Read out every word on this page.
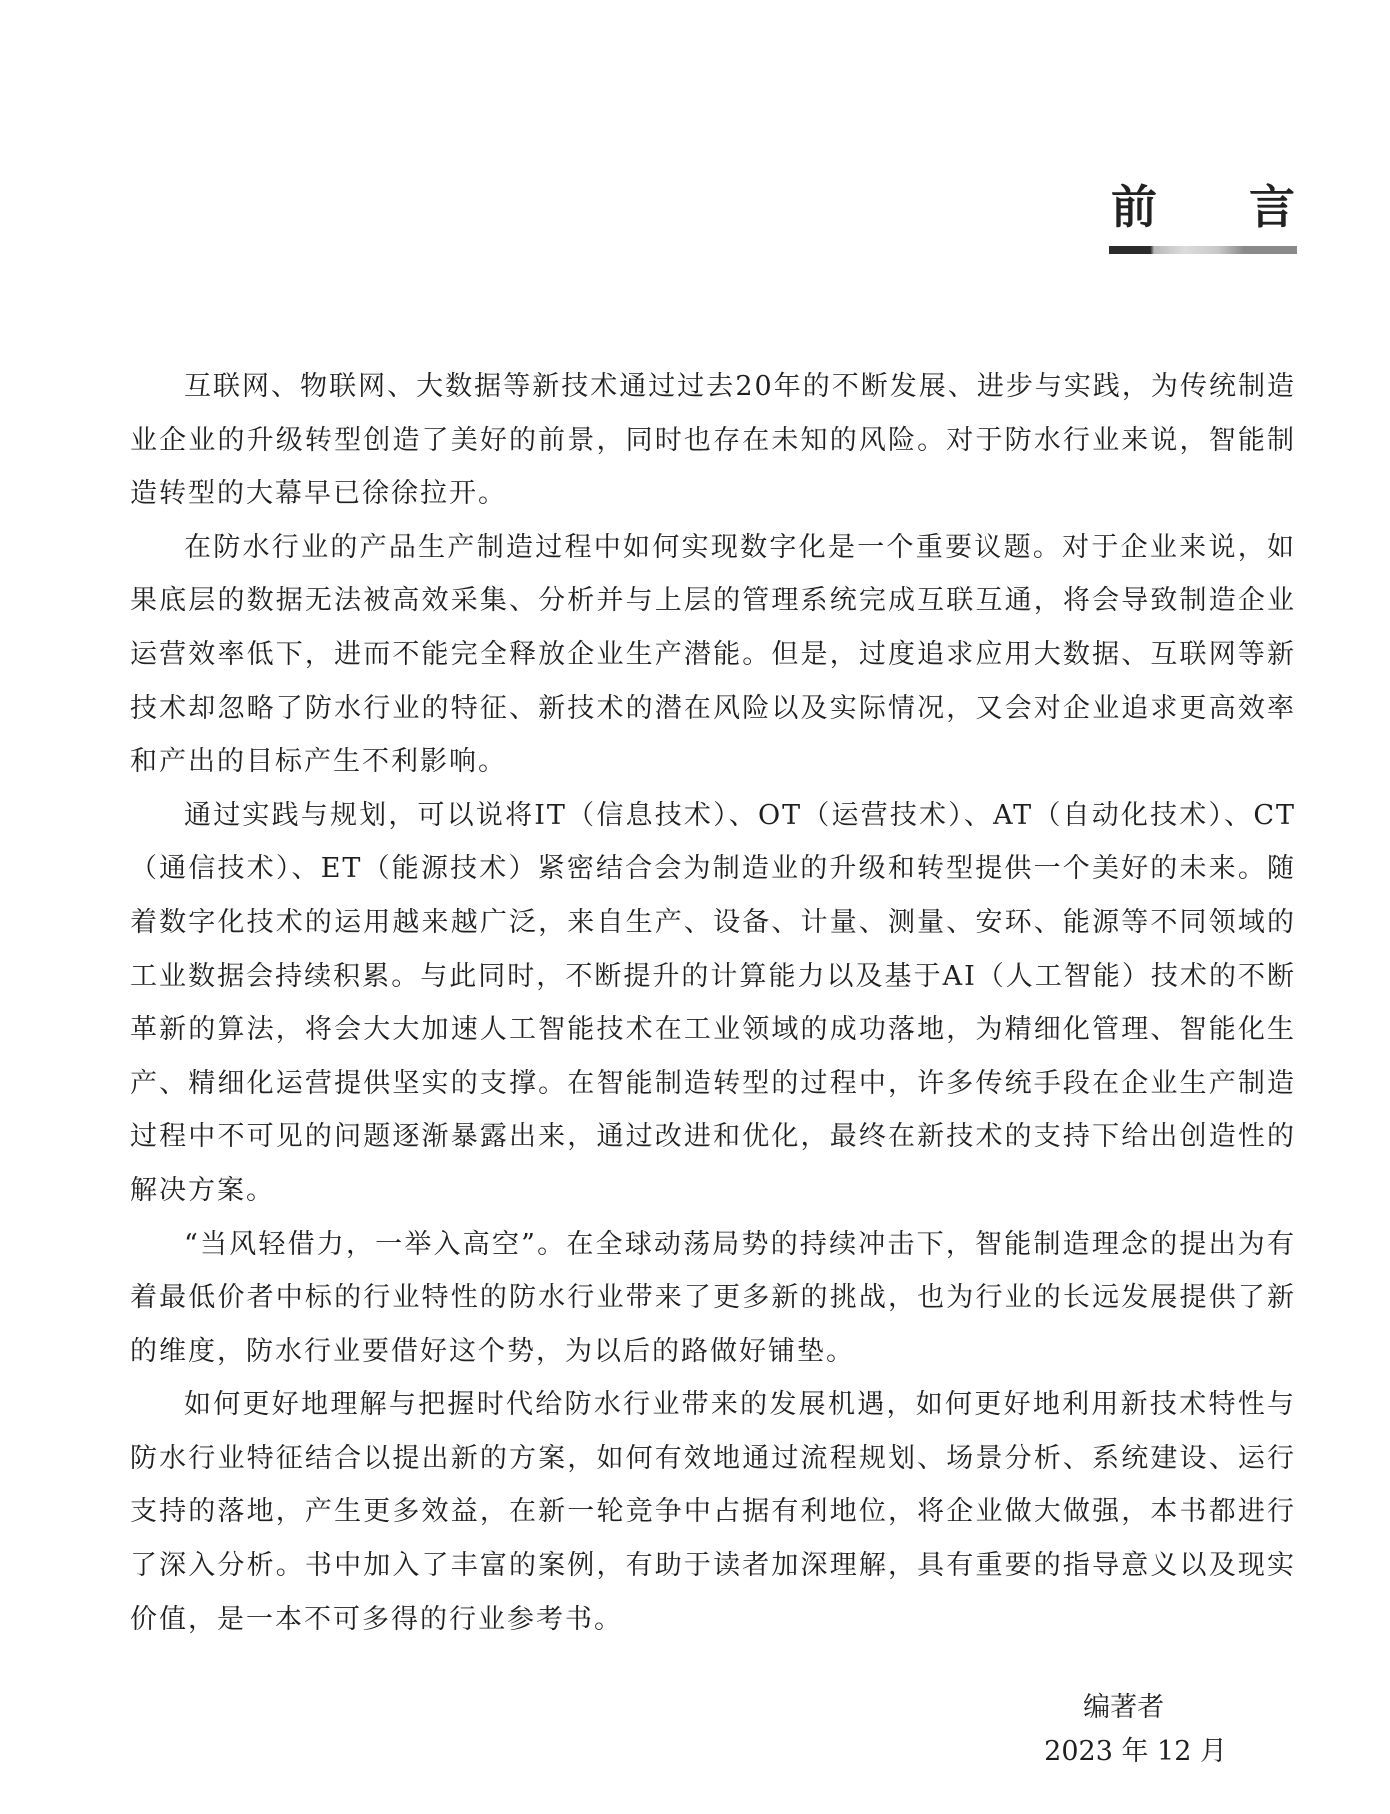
前 言

互联网、物联网、大数据等新技术通过过去20年的不断发展、进步与实践，为传统制造业企业的升级转型创造了美好的前景，同时也存在未知的风险。对于防水行业来说，智能制造转型的大幕早已徐徐拉开。

在防水行业的产品生产制造过程中如何实现数字化是一个重要议题。对于企业来说，如果底层的数据无法被高效采集、分析并与上层的管理系统完成互联互通，将会导致制造企业运营效率低下，进而不能完全释放企业生产潜能。但是，过度追求应用大数据、互联网等新技术却忽略了防水行业的特征、新技术的潜在风险以及实际情况，又会对企业追求更高效率和产出的目标产生不利影响。

通过实践与规划，可以说将IT（信息技术）、OT（运营技术）、AT（自动化技术）、CT（通信技术）、ET（能源技术）紧密结合会为制造业的升级和转型提供一个美好的未来。随着数字化技术的运用越来越广泛，来自生产、设备、计量、测量、安环、能源等不同领域的工业数据会持续积累。与此同时，不断提升的计算能力以及基于AI（人工智能）技术的不断革新的算法，将会大大加速人工智能技术在工业领域的成功落地，为精细化管理、智能化生产、精细化运营提供坚实的支撑。在智能制造转型的过程中，许多传统手段在企业生产制造过程中不可见的问题逐渐暴露出来，通过改进和优化，最终在新技术的支持下给出创造性的解决方案。

“当风轻借力，一举入高空”。在全球动荡局势的持续冲击下，智能制造理念的提出为有着最低价者中标的行业特性的防水行业带来了更多新的挑战，也为行业的长远发展提供了新的维度，防水行业要借好这个势，为以后的路做好铺垫。

如何更好地理解与把握时代给防水行业带来的发展机遇，如何更好地利用新技术特性与防水行业特征结合以提出新的方案，如何有效地通过流程规划、场景分析、系统建设、运行支持的落地，产生更多效益，在新一轮竞争中占据有利地位，将企业做大做强，本书都进行了深入分析。书中加入了丰富的案例，有助于读者加深理解，具有重要的指导意义以及现实价值，是一本不可多得的行业参考书。

编著者
2023 年 12 月
